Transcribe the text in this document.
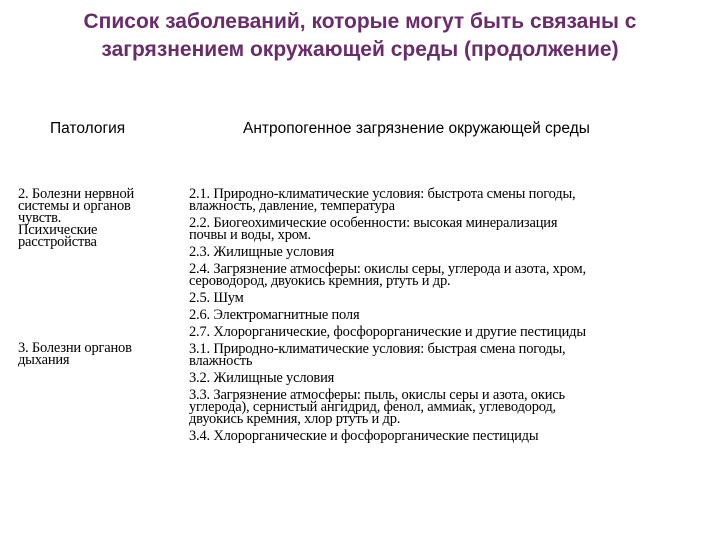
Список заболеваний, которые могут быть связаны с
загрязнением окружающей среды (продолжение)
Патология	Антропогенное загрязнение окружающей среды
2. Болезни нервной
системы и органов
чувств.
Психические
расстройства
3. Болезни органов
дыхания
2.1. Природно-климатические условия: быстрота смены погоды,
влажность, давление, температура
2.2. Биогеохимические особенности: высокая минерализация
почвы и воды, хром.
2.3. Жилищные условия
2.4. Загрязнение атмосферы: окислы серы, углерода и азота, хром,
сероводород, двуокись кремния, ртуть и др.
2.5. Шум
2.6. Электромагнитные поля
2.7. Хлорорганические, фосфорорганические и другие пестициды
3.1. Природно-климатические условия: быстрая смена погоды,
влажность
3.2. Жилищные условия
3.3. Загрязнение атмосферы: пыль, окислы серы и азота, окись
углерода), сернистый ангидрид, фенол, аммиак, углеводород,
двуокись кремния, хлор ртуть и др.
3.4. Хлорорганические и фосфорорганические пестициды
